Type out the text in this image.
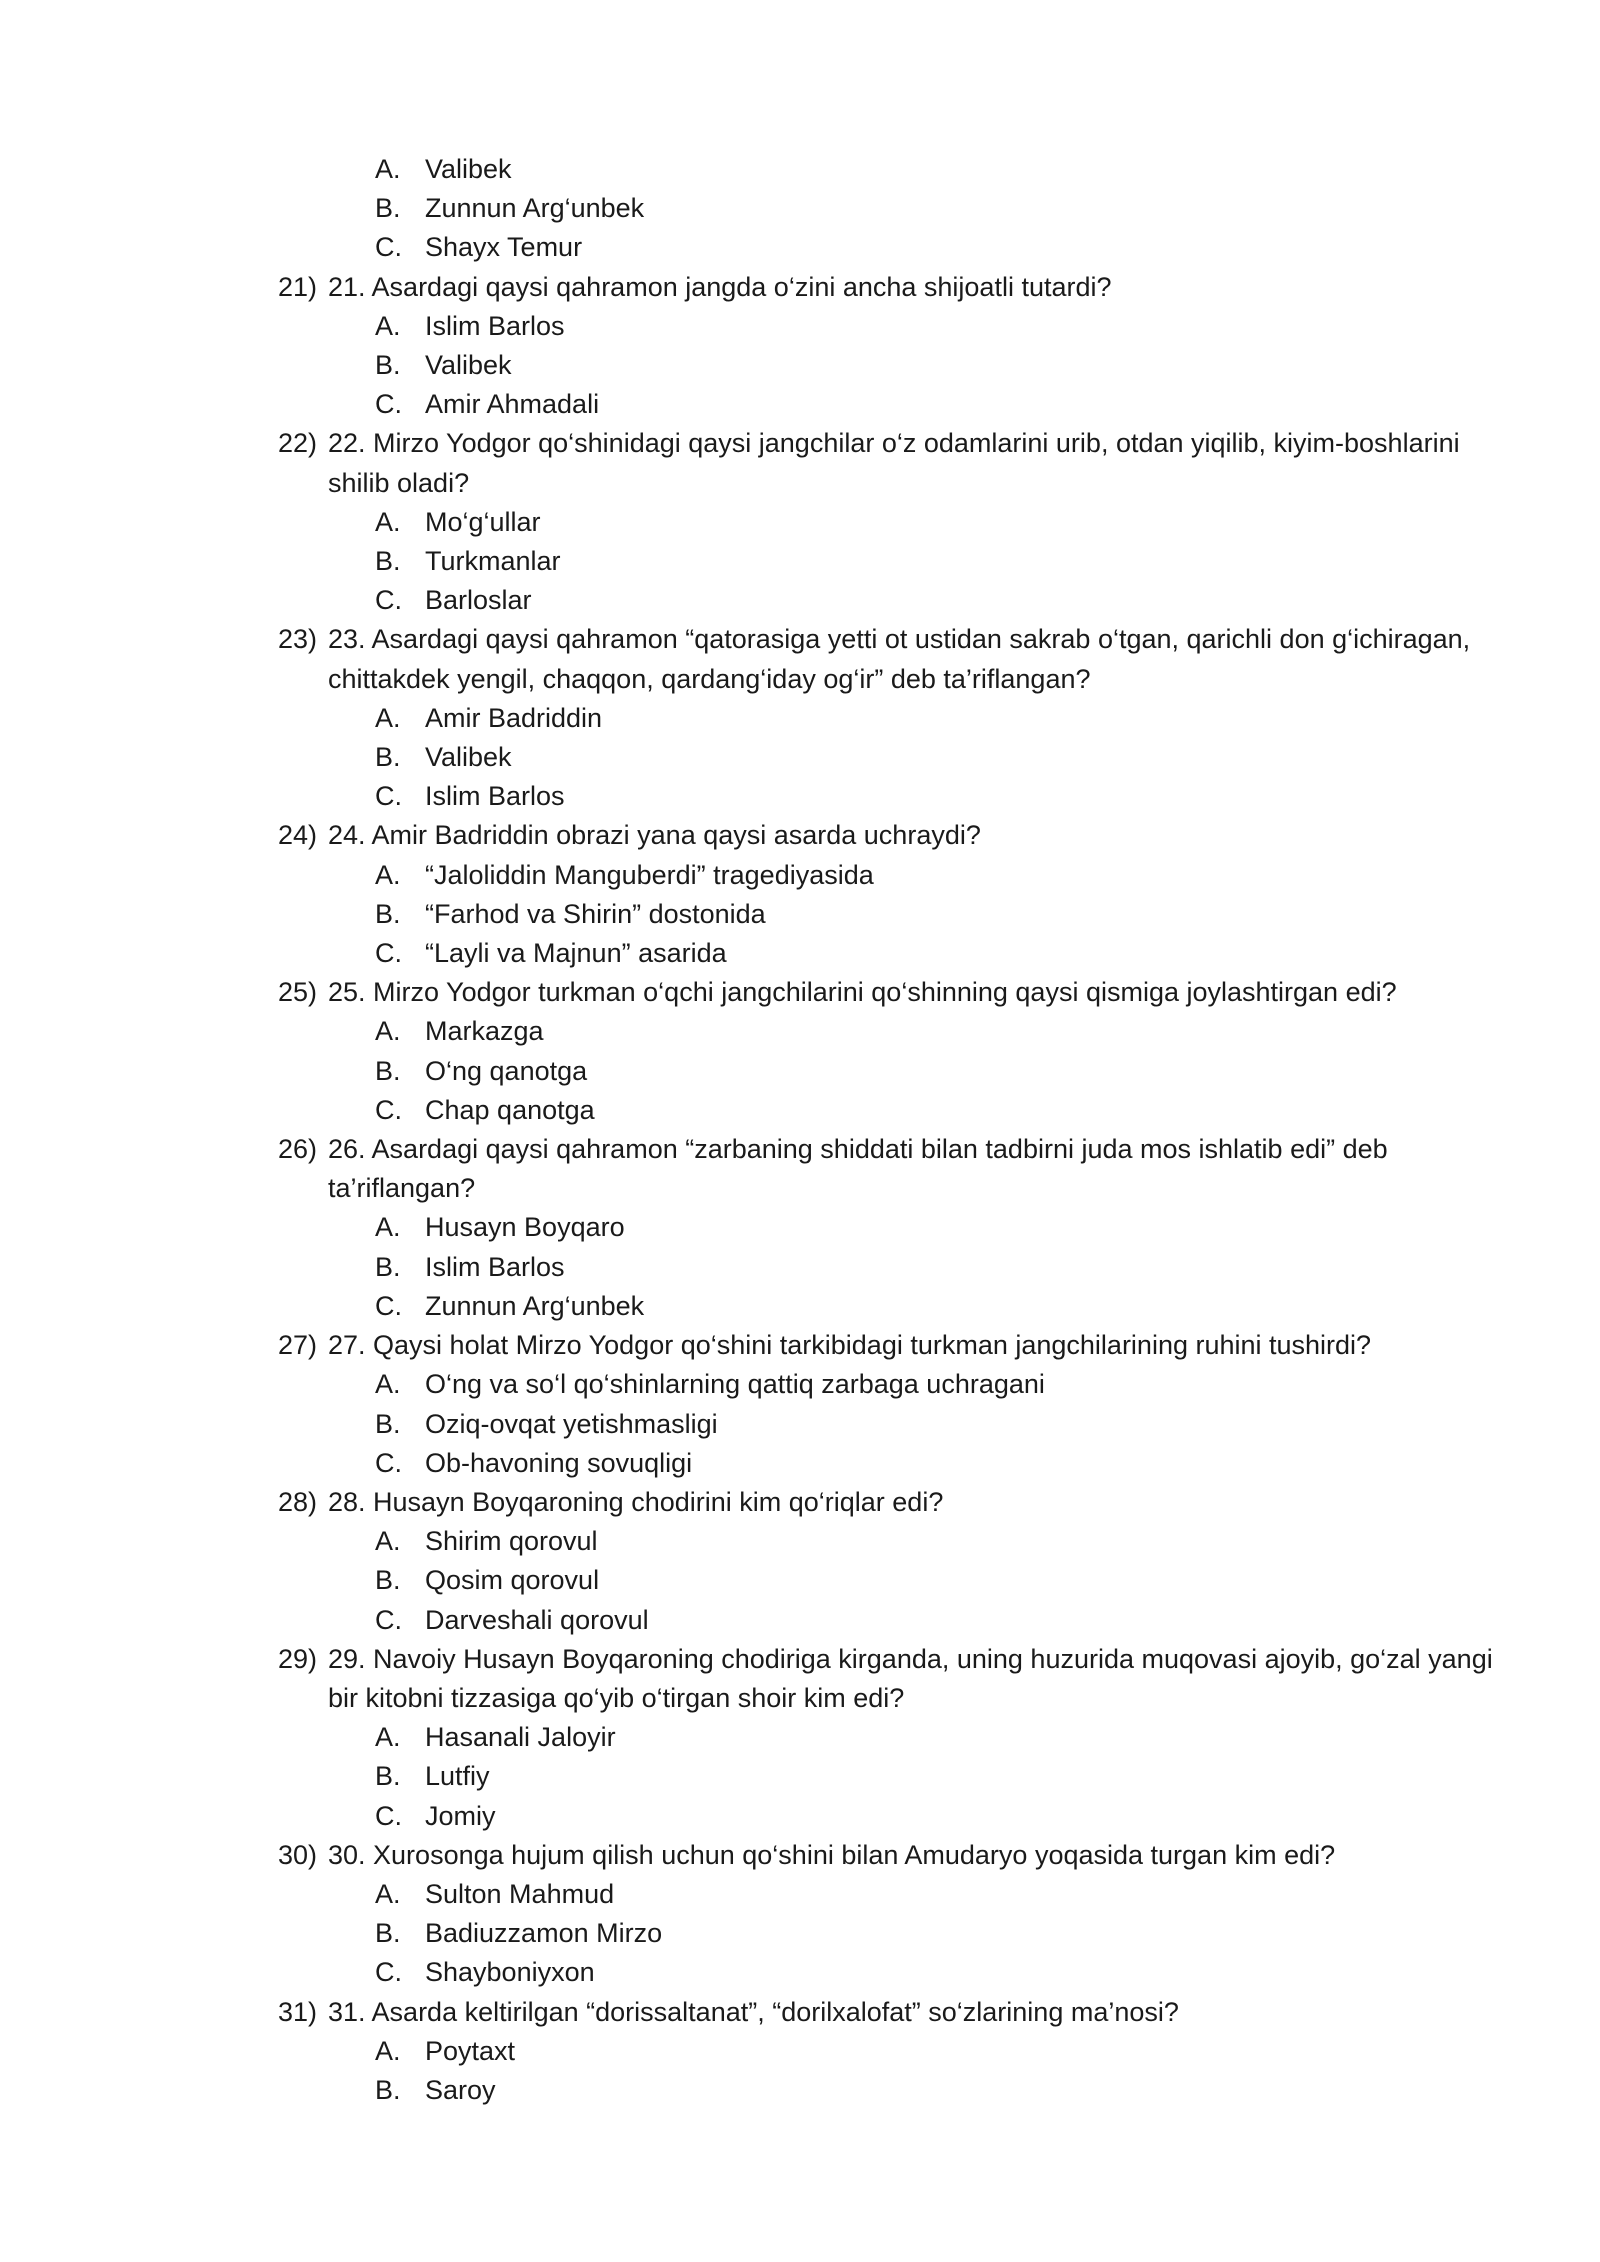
A. Valibek
B. Zunnun Arg‘unbek
C. Shayx Temur
21) 21. Asardagi qaysi qahramon jangda o‘zini ancha shijoatli tutardi?
A. Islim Barlos
B. Valibek
C. Amir Ahmadali
22) 22. Mirzo Yodgor qo‘shinidagi qaysi jangchilar o‘z odamlarini urib, otdan yiqilib, kiyim-boshlarini
shilib oladi?
A. Mo‘g‘ullar
B. Turkmanlar
C. Barloslar
23) 23. Asardagi qaysi qahramon “qatorasiga yetti ot ustidan sakrab o‘tgan, qarichli don g‘ichiragan,
chittakdek yengil, chaqqon, qardang‘iday og‘ir” deb ta’riflangan?
A. Amir Badriddin
B. Valibek
C. Islim Barlos
24) 24. Amir Badriddin obrazi yana qaysi asarda uchraydi?
A. “Jaloliddin Manguberdi” tragediyasida
B. “Farhod va Shirin” dostonida
C. “Layli va Majnun” asarida
25) 25. Mirzo Yodgor turkman o‘qchi jangchilarini qo‘shinning qaysi qismiga joylashtirgan edi?
A. Markazga
B. O‘ng qanotga
C. Chap qanotga
26) 26. Asardagi qaysi qahramon “zarbaning shiddati bilan tadbirni juda mos ishlatib edi” deb
ta’riflangan?
A. Husayn Boyqaro
B. Islim Barlos
C. Zunnun Arg‘unbek
27) 27. Qaysi holat Mirzo Yodgor qo‘shini tarkibidagi turkman jangchilarining ruhini tushirdi?
A. O‘ng va so‘l qo‘shinlarning qattiq zarbaga uchragani
B. Oziq-ovqat yetishmasligi
C. Ob-havoning sovuqligi
28) 28. Husayn Boyqaroning chodirini kim qo‘riqlar edi?
A. Shirim qorovul
B. Qosim qorovul
C. Darveshali qorovul
29) 29. Navoiy Husayn Boyqaroning chodiriga kirganda, uning huzurida muqovasi ajoyib, go‘zal yangi
bir kitobni tizzasiga qo‘yib o‘tirgan shoir kim edi?
A. Hasanali Jaloyir
B. Lutfiy
C. Jomiy
30) 30. Xurosonga hujum qilish uchun qo‘shini bilan Amudaryo yoqasida turgan kim edi?
A. Sulton Mahmud
B. Badiuzzamon Mirzo
C. Shayboniyxon
31) 31. Asarda keltirilgan “dorissaltanat”, “dorilxalofat” so‘zlarining ma’nosi?
A. Poytaxt
B. Saroy
